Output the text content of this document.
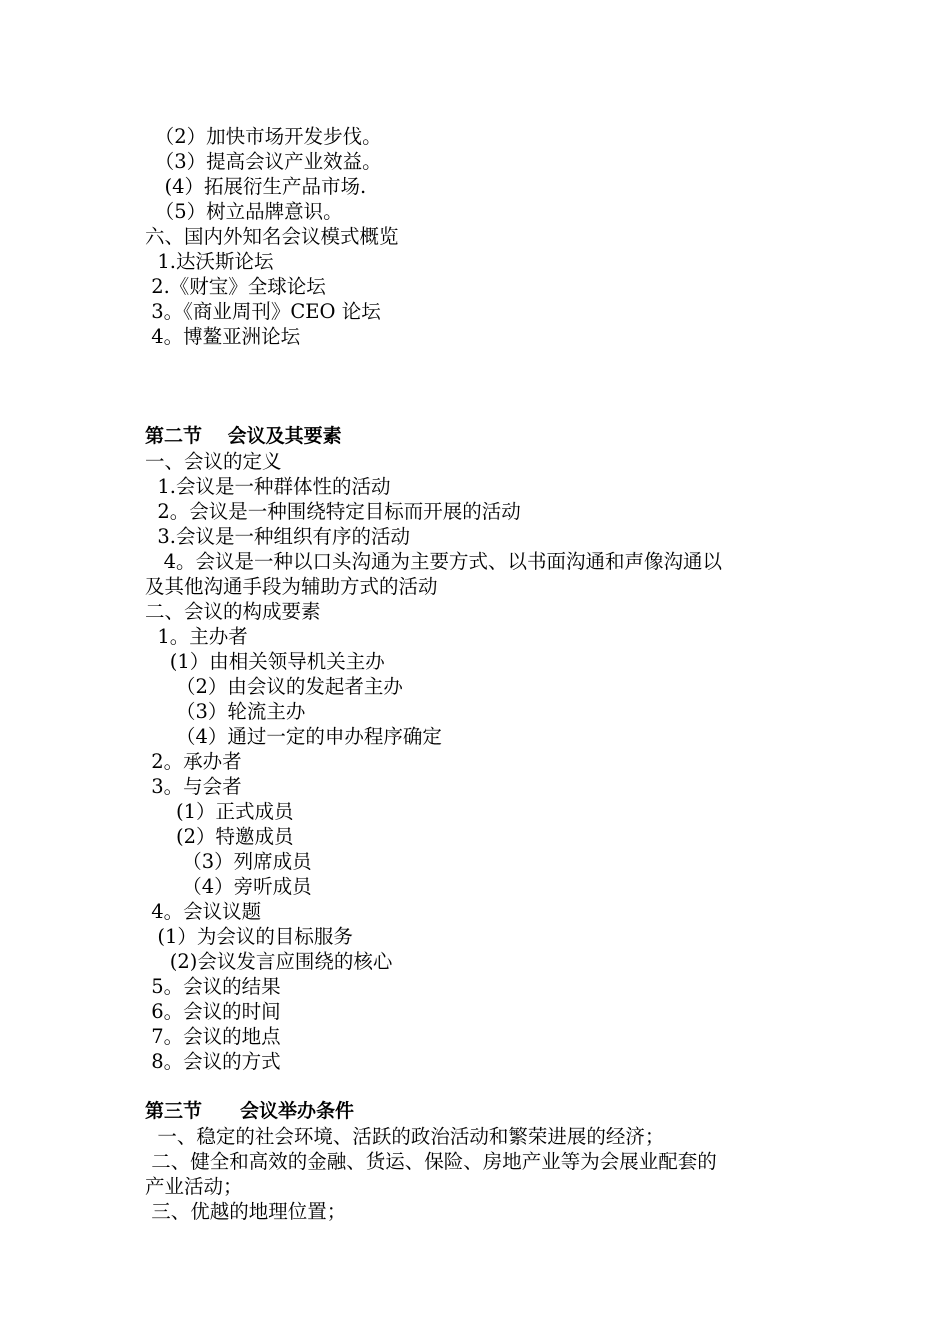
　（2）加快市场开发步伐。
　（3）提高会议产业效益。
　(4）拓展衍生产品市场.
　（5）树立品牌意识。
六、国内外知名会议模式概览
1.达沃斯论坛
2.《财宝》全球论坛
3。《商业周刊》CEO 论坛
4。博鳌亚洲论坛
第二节　 会议及其要素
一、会议的定义
1.会议是一种群体性的活动
2。会议是一种围绕特定目标而开展的活动
3.会议是一种组织有序的活动
4。会议是一种以口头沟通为主要方式、以书面沟通和声像沟通以
及其他沟通手段为辅助方式的活动
二、会议的构成要素
1。主办者
(1）由相关领导机关主办
（2）由会议的发起者主办
（3）轮流主办
（4）通过一定的申办程序确定
2。承办者
3。与会者
(1）正式成员
(2）特邀成员
（3）列席成员
（4）旁听成员
4。会议议题
(1）为会议的目标服务
(2)会议发言应围绕的核心
5。会议的结果
6。会议的时间
7。会议的地点
8。会议的方式
第三节　　会议举办条件
一、稳定的社会环境、活跃的政治活动和繁荣进展的经济；
二、健全和高效的金融、货运、保险、房地产业等为会展业配套的
产业活动；
三、优越的地理位置；
